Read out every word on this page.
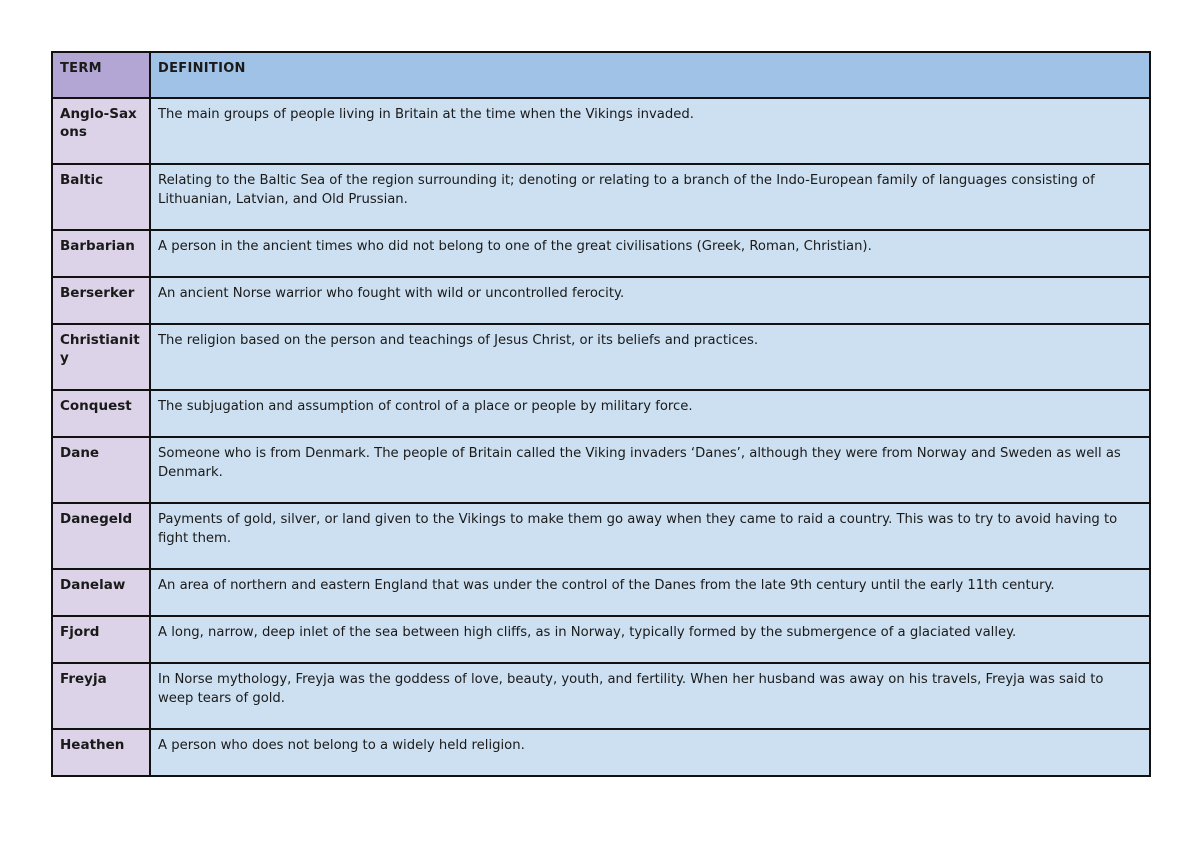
TERM	DEFINITION
Anglo-Saxons	The main groups of people living in Britain at the time when the Vikings invaded.
Baltic	Relating to the Baltic Sea of the region surrounding it; denoting or relating to a branch of the Indo-European family of languages consisting of Lithuanian, Latvian, and Old Prussian.
Barbarian	A person in the ancient times who did not belong to one of the great civilisations (Greek, Roman, Christian).
Berserker	An ancient Norse warrior who fought with wild or uncontrolled ferocity.
Christianity	The religion based on the person and teachings of Jesus Christ, or its beliefs and practices.
Conquest	The subjugation and assumption of control of a place or people by military force.
Dane	Someone who is from Denmark. The people of Britain called the Viking invaders ‘Danes’, although they were from Norway and Sweden as well as Denmark.
Danegeld	Payments of gold, silver, or land given to the Vikings to make them go away when they came to raid a country. This was to try to avoid having to fight them.
Danelaw	An area of northern and eastern England that was under the control of the Danes from the late 9th century until the early 11th century.
Fjord	A long, narrow, deep inlet of the sea between high cliffs, as in Norway, typically formed by the submergence of a glaciated valley.
Freyja	In Norse mythology, Freyja was the goddess of love, beauty, youth, and fertility. When her husband was away on his travels, Freyja was said to weep tears of gold.
Heathen	A person who does not belong to a widely held religion.
